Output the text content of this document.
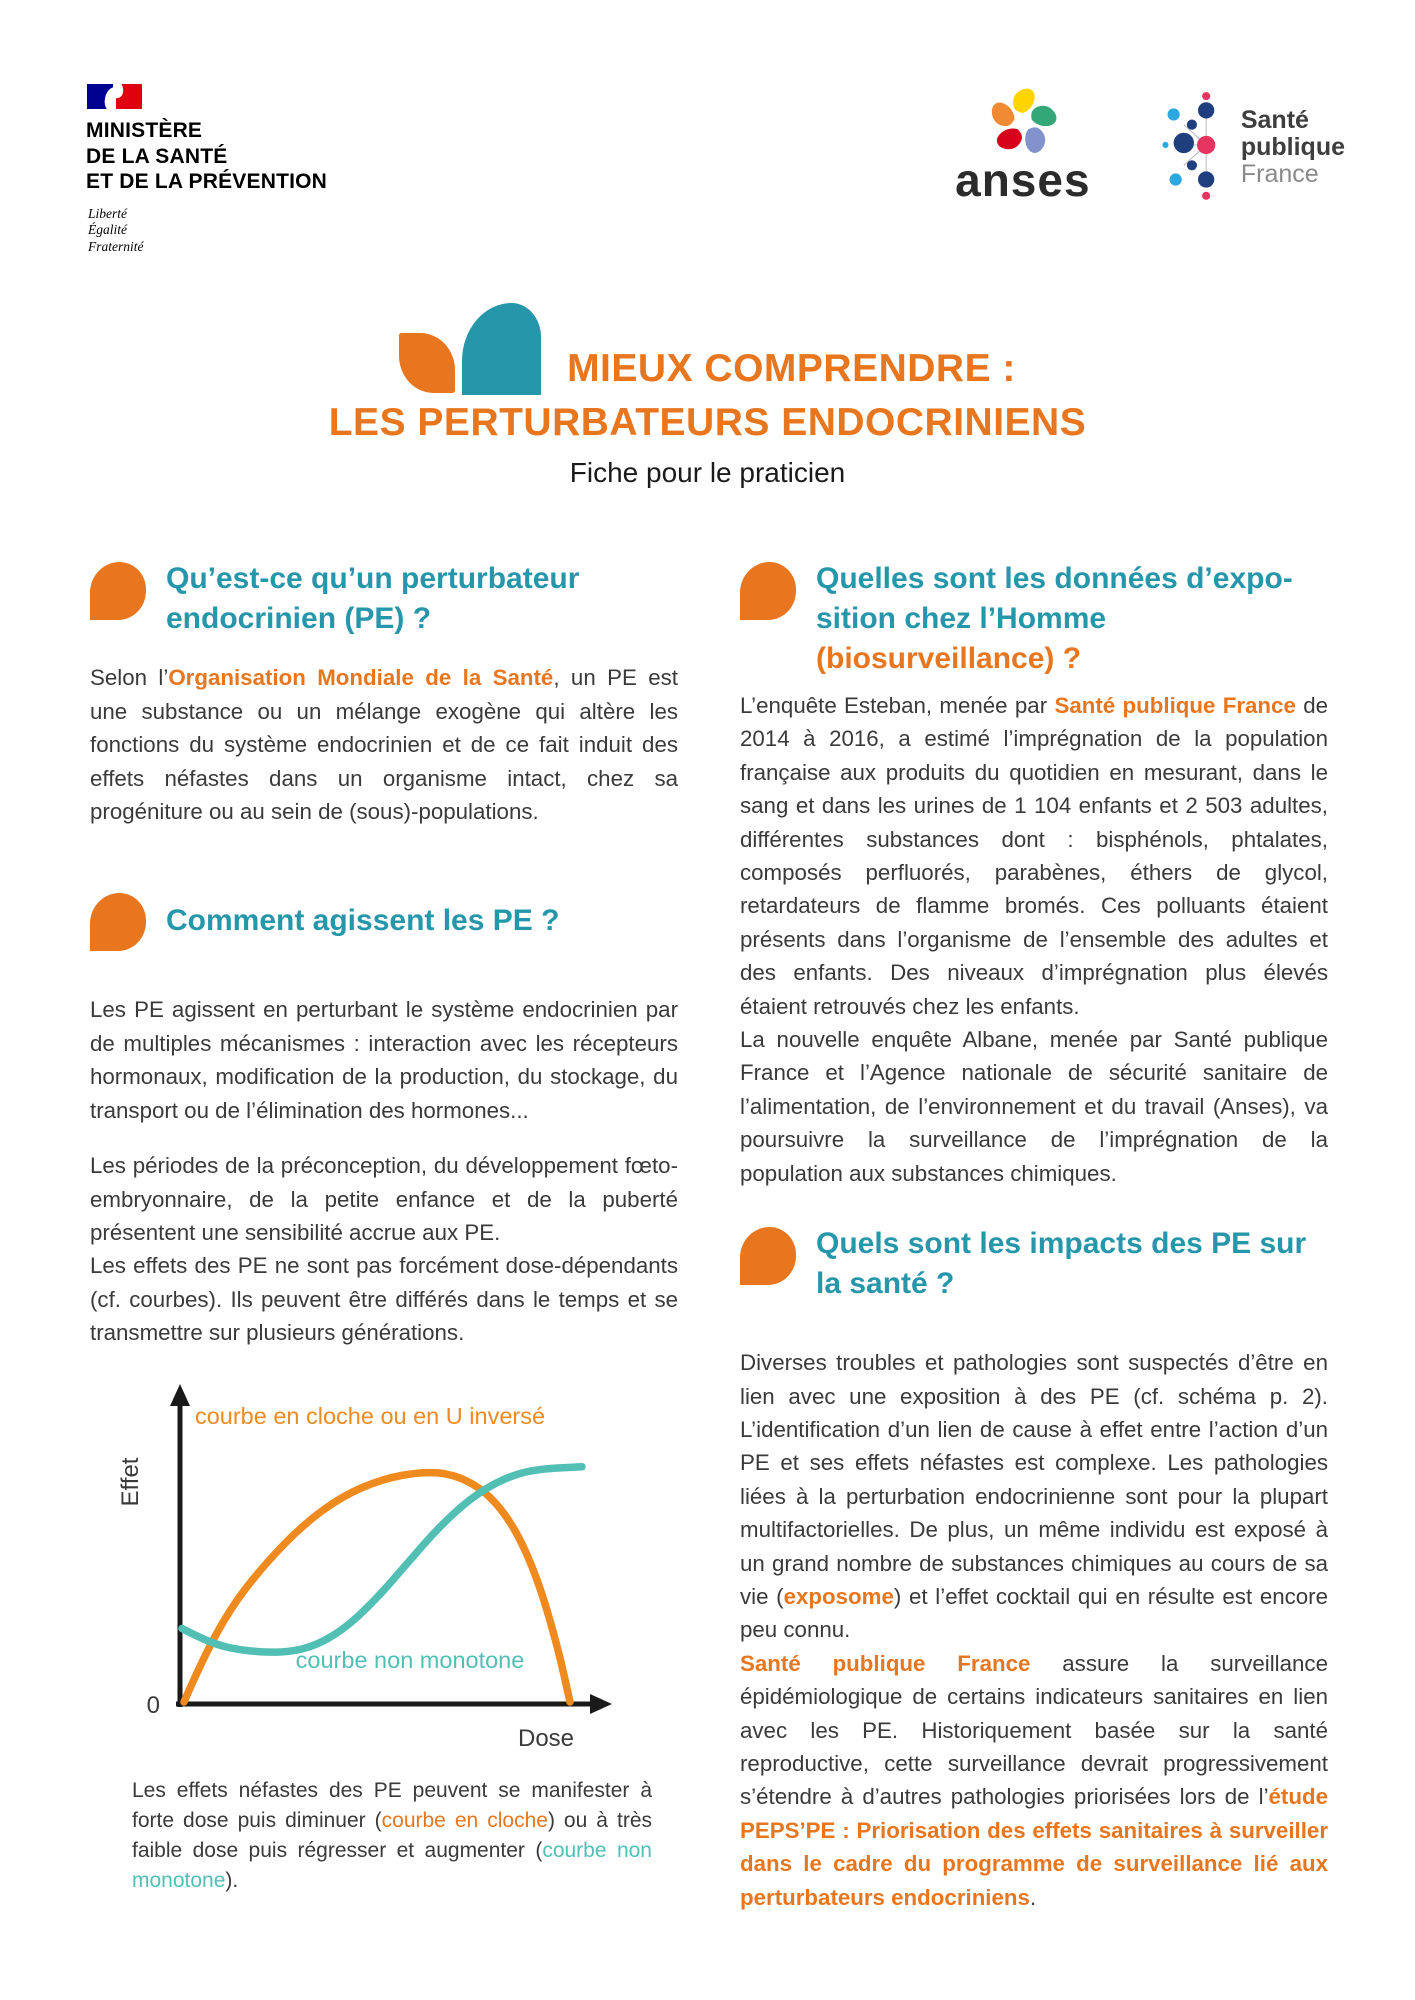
MINISTÈRE
DE LA SANTÉ
ET DE LA PRÉVENTION
Liberté
Égalité
Fraternité
anses
Santé
publique
France
MIEUX COMPRENDRE :
LES PERTURBATEURS ENDOCRINIENS
Fiche pour le praticien
Qu’est-ce qu’un perturbateur
endocrinien (PE) ?

Selon l’Organisation Mondiale de la Santé, un PE est une substance ou un mélange exogène qui altère les fonctions du système endocrinien et de ce fait induit des effets néfastes dans un organisme intact, chez sa progéniture ou au sein de (sous)-populations.

Comment agissent les PE ?

Les PE agissent en perturbant le système endocrinien par de multiples mécanismes : interaction avec les récepteurs hormonaux, modification de la production, du stockage, du transport ou de l’élimination des hormones...

Les périodes de la préconception, du développement fœto-embryonnaire, de la petite enfance et de la puberté présentent une sensibilité accrue aux PE.

Les effets des PE ne sont pas forcément dose-dépendants (cf. courbes). Ils peuvent être différés dans le temps et se transmettre sur plusieurs générations.

courbe en cloche ou en U inversé
courbe non monotone
0
Effet
Dose

Les effets néfastes des PE peuvent se manifester à forte dose puis diminuer (courbe en cloche) ou à très faible dose puis régresser et augmenter (courbe non monotone).

Quelles sont les données d’expo-
sition chez l’Homme
(biosurveillance) ?

L’enquête Esteban, menée par Santé publique France de 2014 à 2016, a estimé l’imprégnation de la population française aux produits du quotidien en mesurant, dans le sang et dans les urines de 1 104 enfants et 2 503 adultes, différentes substances dont : bisphénols, phtalates, composés perfluorés, parabènes, éthers de glycol, retardateurs de flamme bromés. Ces polluants étaient présents dans l’organisme de l’ensemble des adultes et des enfants. Des niveaux d’imprégnation plus élevés étaient retrouvés chez les enfants.

La nouvelle enquête Albane, menée par Santé publique France et l’Agence nationale de sécurité sanitaire de l’alimentation, de l’environnement et du travail (Anses), va poursuivre la surveillance de l’imprégnation de la population aux substances chimiques.

Quels sont les impacts des PE sur
la santé ?

Diverses troubles et pathologies sont suspectés d’être en lien avec une exposition à des PE (cf. schéma p. 2). L’identification d’un lien de cause à effet entre l’action d’un PE et ses effets néfastes est complexe. Les pathologies liées à la perturbation endocrinienne sont pour la plupart multifactorielles. De plus, un même individu est exposé à un grand nombre de substances chimiques au cours de sa vie (exposome) et l’effet cocktail qui en résulte est encore peu connu.

Santé publique France assure la surveillance épidémiologique de certains indicateurs sanitaires en lien avec les PE. Historiquement basée sur la santé reproductive, cette surveillance devrait progressivement s’étendre à d’autres pathologies priorisées lors de l’étude PEPS’PE : Priorisation des effets sanitaires à surveiller dans le cadre du programme de surveillance lié aux perturbateurs endocriniens.
